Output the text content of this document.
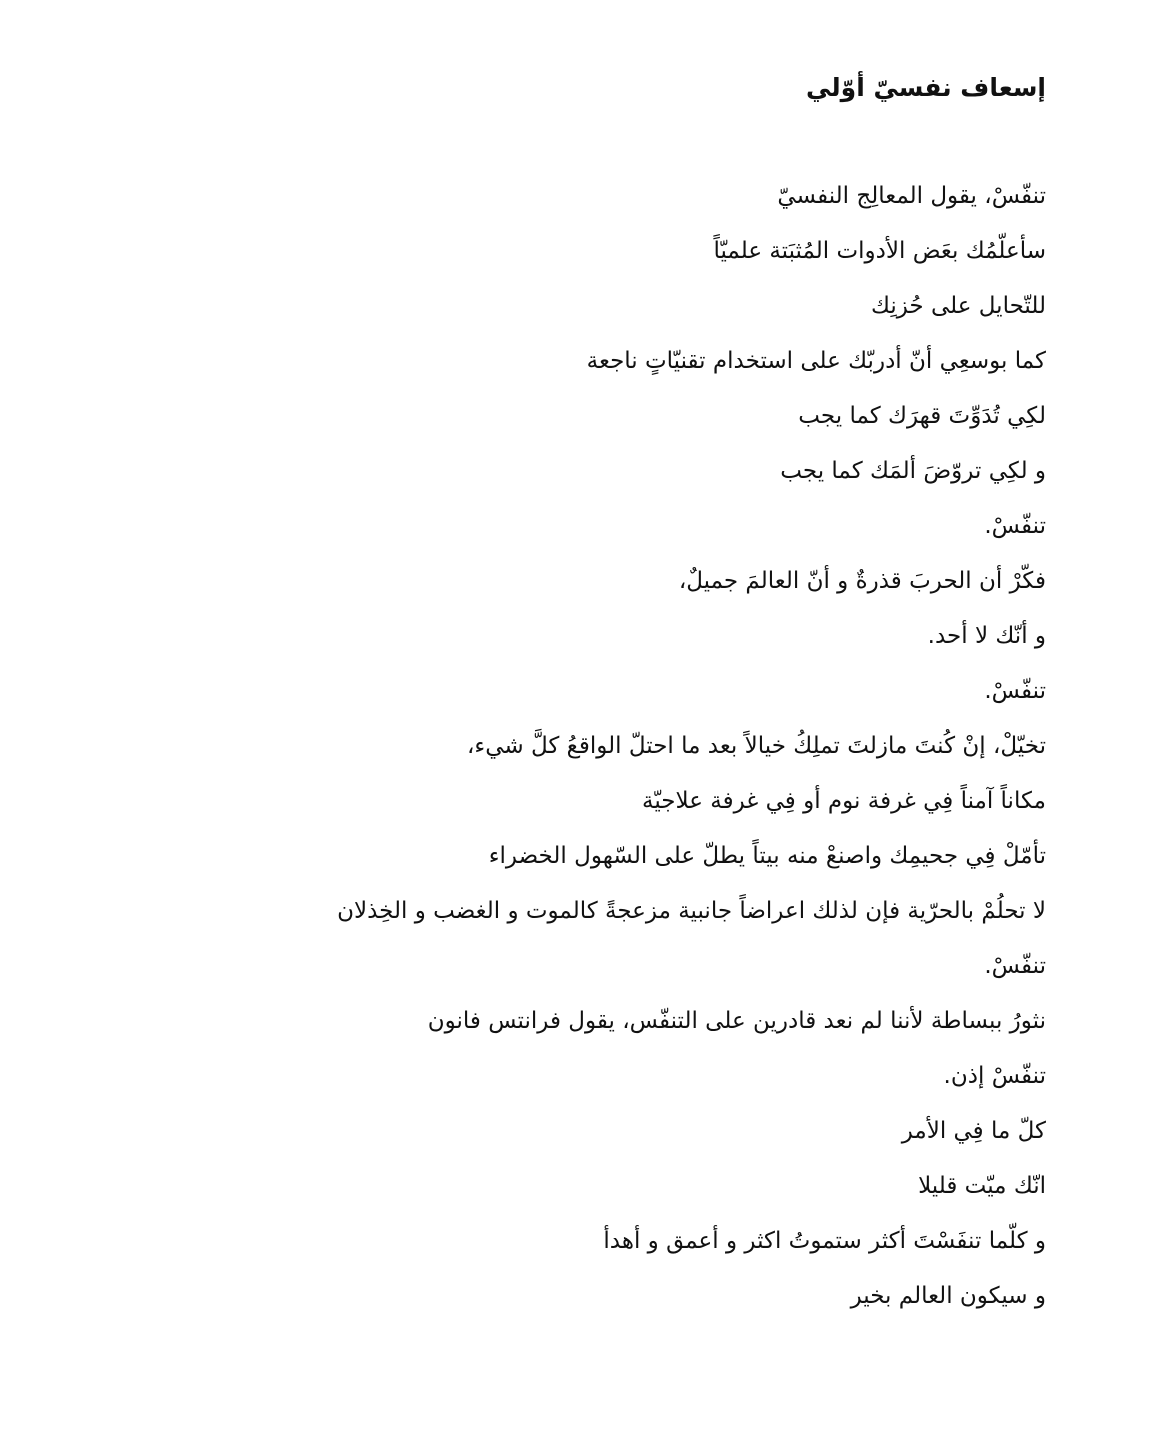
إسعاف نفسيّ أوّلي
تنفّسْ، يقول المعالِج النفسيّ
سأعلّمُك بعَض الأدوات المُثبَتة علميّاً
للتّحايل على حُزنِك
كما بوسعِي أنّ أدربّك على استخدام تقنيّاتٍ ناجعة
لكِي تُدَوِّتَ قهرَك كما يجب
و لكِي تروّضَ ألمَك كما يجب
تنفّسْ.
فكّرْ أن الحربَ قذرةٌ و أنّ العالمَ جميلٌ،
و أنّك لا أحد.
تنفّسْ.
تخيّلْ، إنْ كُنتَ مازلتَ تملِكُ خيالاً بعد ما احتلّ الواقعُ كلَّ شيء،
مكاناً آمناً فِي غرفة نوم أو فِي غرفة علاجيّة
تأمّلْ فِي جحيمِك واصنعْ منه بيتاً يطلّ على السّهول الخضراء
لا تحلُمْ بالحرّية فإن لذلك اعراضاً جانبية مزعجةً كالموت و الغضب و الخِذلان
تنفّسْ.
نثورُ ببساطة لأننا لم نعد قادرين على التنفّس، يقول فرانتس فانون
تنفّسْ إذن.
كلّ ما فِي الأمر
انّك ميّت قليلا
و كلّما تنفَسْتَ أكثر ستموتُ اكثر و أعمق و أهدأ
و سيكون العالم بخير
